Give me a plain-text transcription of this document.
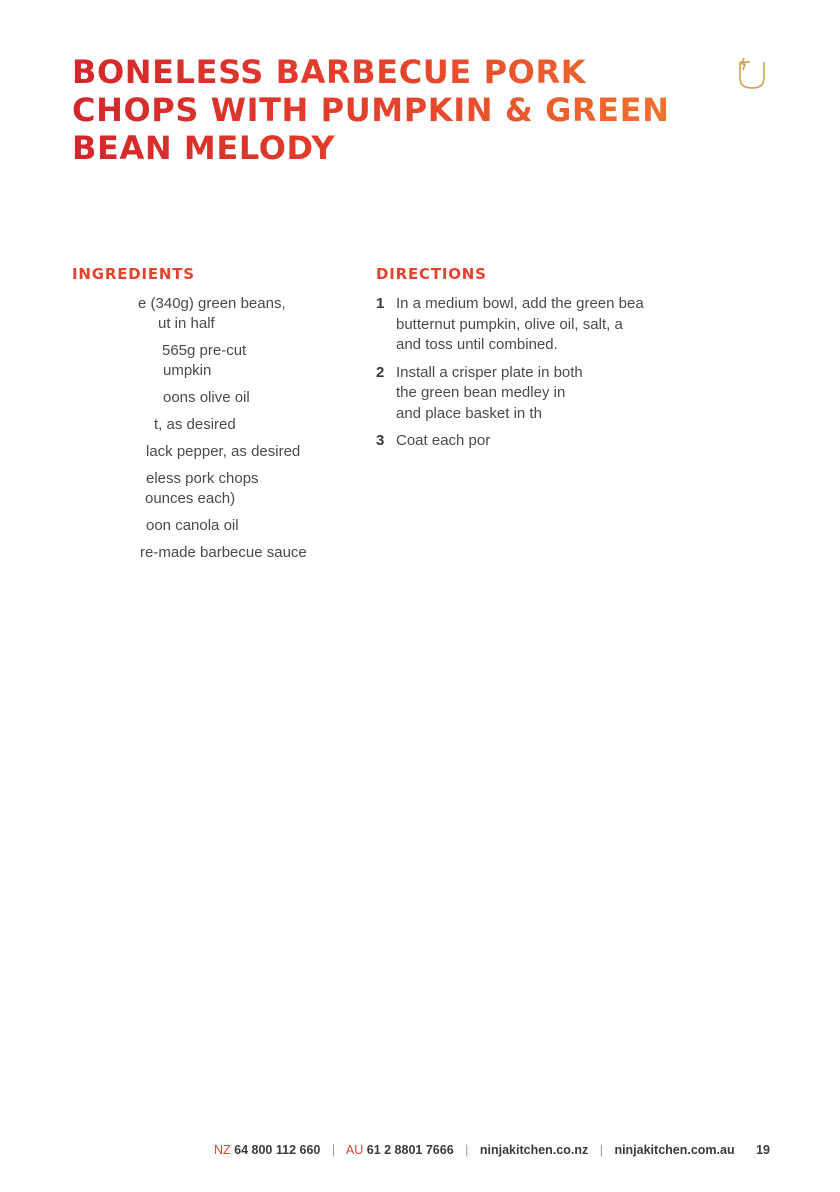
BONELESS BARBECUE PORK CHOPS WITH PUMPKIN & GREEN BEAN MELODY
INGREDIENTS	DIRECTIONS
e (340g) green beans,
ut in half
565g pre-cut
umpkin
oons olive oil
t, as desired
lack pepper, as desired
eless pork chops
ounces each)
oon canola oil
re-made barbecue sauce
1 In a medium bowl, add the green bea
butternut pumpkin, olive oil, salt, a
and toss until combined.
2 Install a crisper plate in both
the green bean medley in
and place basket in th
3 Coat each por
NZ 64 800 112 660 | AU 61 2 8801 7666 | ninjakitchen.co.nz | ninjakitchen.com.au 19
